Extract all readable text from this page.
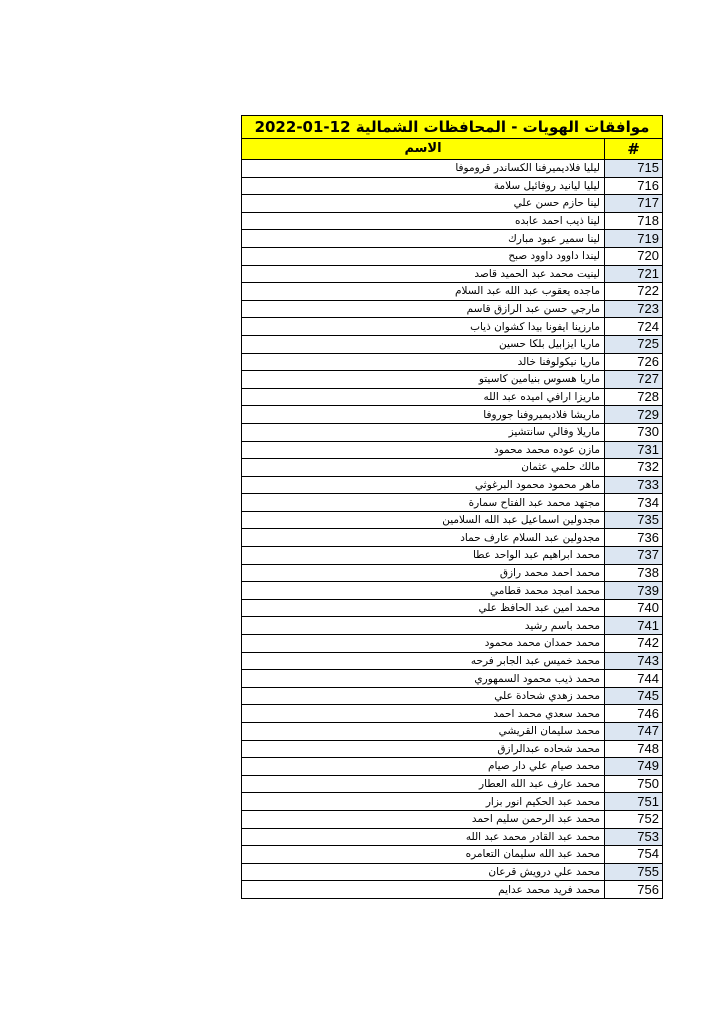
موافقات الهويات - المحافظات الشمالية 12-01-2022	
الاسم	#
ليليا فلاديميرفنا الكساندر قروموفا	715
ليليا ليانيد روفائيل سلامة	716
لينا حازم حسن علي	717
لينا ذيب احمد عابده	718
لينا سمير عبود مبارك	719
ليندا داوود داوود صبح	720
لينيت محمد عبد الحميد قاصد	721
ماجده يعقوب عبد الله عبد السلام	722
مارجي حسن عبد الرازق قاسم	723
مارزينا ايفونا بيدا كشوان ذياب	724
ماريا ايزابيل بلكا حسين	725
ماريا نيكولوفنا خالد	726
ماريا هسوس بنيامين كاسيتو	727
ماريزا ارافي اميده عبد الله	728
ماريشا فلاديميروفنا جوروفا	729
ماريلا وفالي سانتشيز	730
مازن عوده محمد محمود	731
مالك حلمي عثمان	732
ماهر محمود محمود البرغوثي	733
مجتهد محمد عبد الفتاح سمارة	734
مجدولين اسماعيل عبد الله السلامين	735
مجدولين عبد السلام عارف حماد	736
محمد ابراهيم عبد الواحد عطا	737
محمد احمد محمد رازق	738
محمد امجد محمد قطامي	739
محمد امين عبد الحافظ علي	740
محمد باسم رشيد	741
محمد حمدان محمد محمود	742
محمد خميس عبد الجابر فرحه	743
محمد ذيب محمود السمهوري	744
محمد زهدي شحادة علي	745
محمد سعدي محمد احمد	746
محمد سليمان القريشي	747
محمد شحاده عبدالرازق	748
محمد صيام علي دار صيام	749
محمد عارف عبد الله العطار	750
محمد عبد الحكيم انور بزار	751
محمد عبد الرحمن سليم احمد	752
محمد عبد القادر محمد عبد الله	753
محمد عبد الله سليمان التعامره	754
محمد علي درويش قرعان	755
محمد فريد محمد عدايم	756
